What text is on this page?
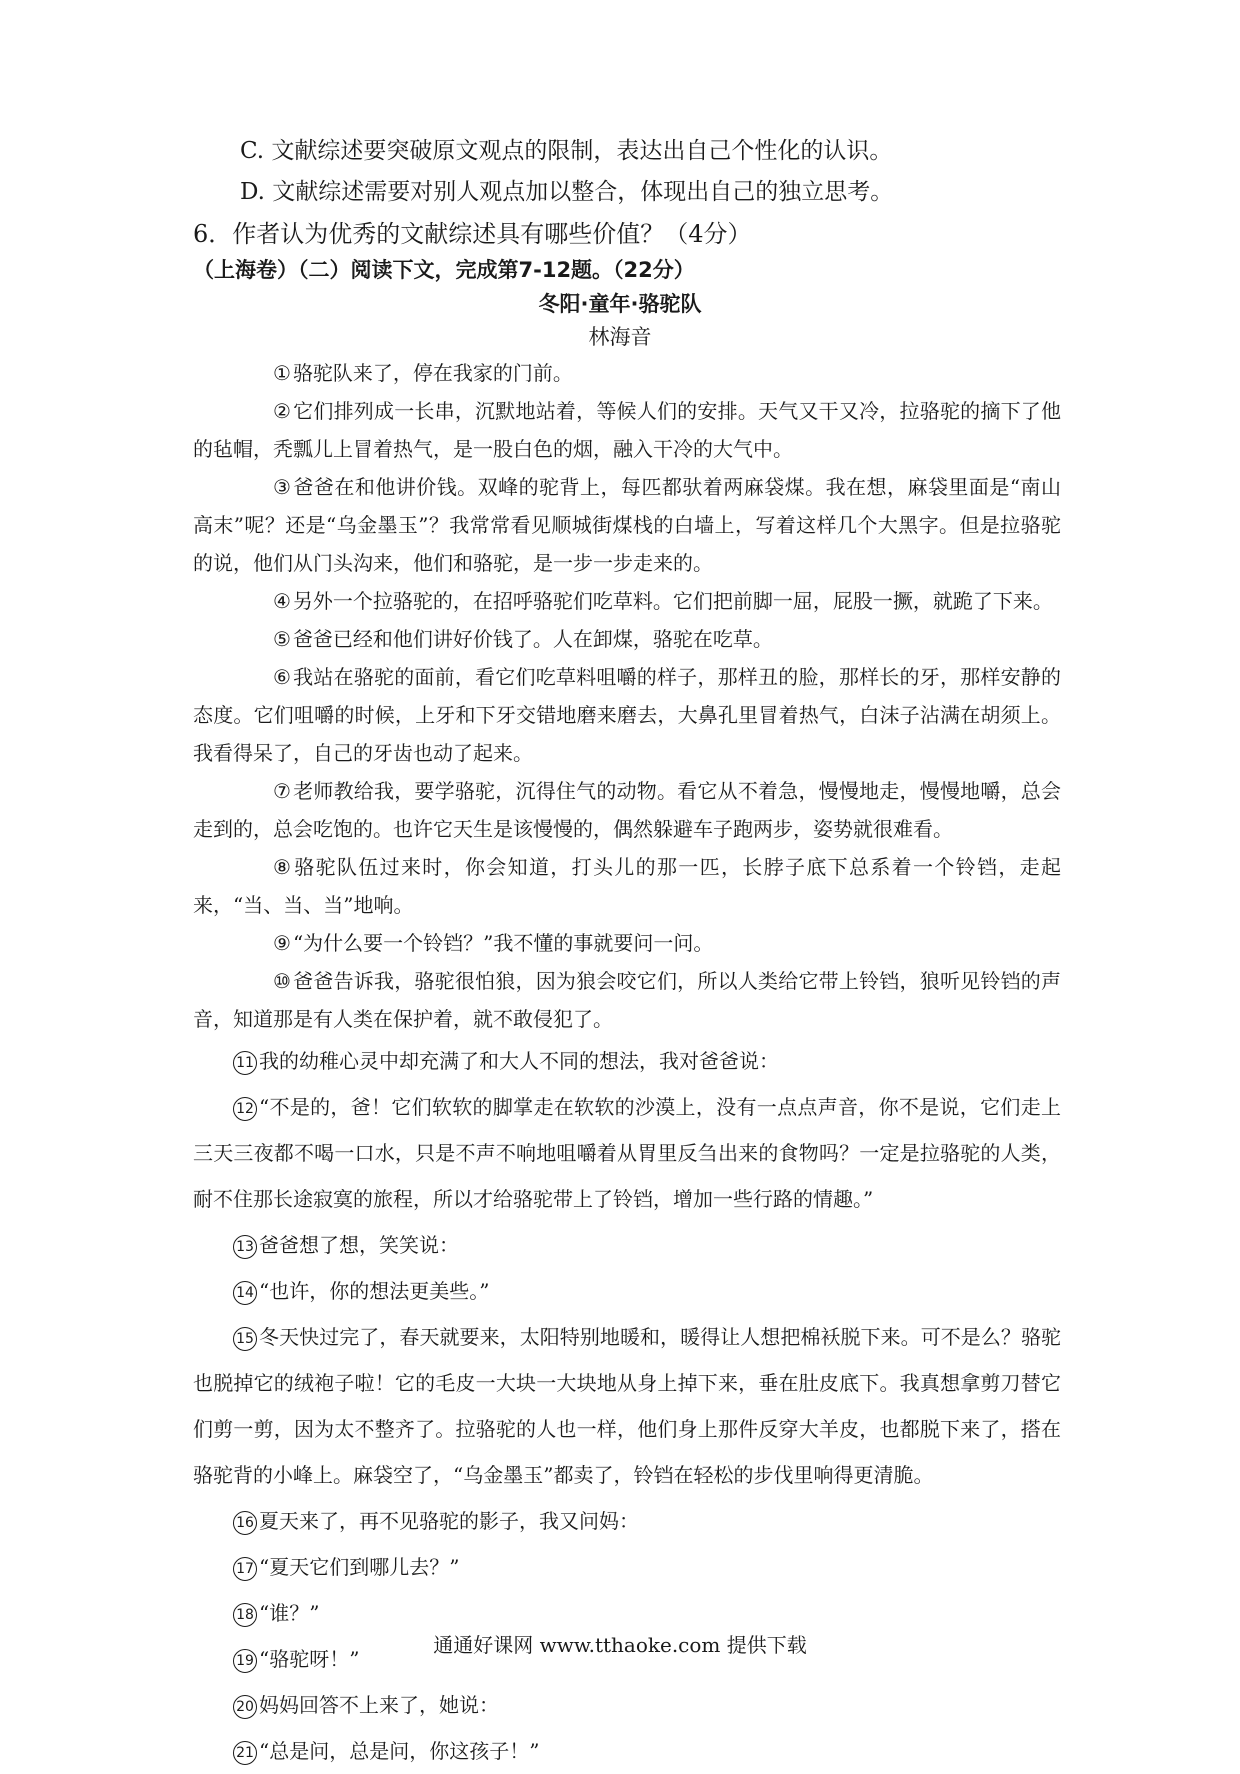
C. 文献综述要突破原文观点的限制，表达出自己个性化的认识。
D. 文献综述需要对别人观点加以整合，体现出自己的独立思考。
6．作者认为优秀的文献综述具有哪些价值？（4分）
（上海卷）（二）阅读下文，完成第7-12题。（22分）
冬阳·童年·骆驼队
林海音

① 骆驼队来了，停在我家的门前。

② 它们排列成一长串，沉默地站着，等候人们的安排。天气又干又冷，拉骆驼的摘下了他的毡帽，秃瓢儿上冒着热气，是一股白色的烟，融入干冷的大气中。

③ 爸爸在和他讲价钱。双峰的驼背上，每匹都驮着两麻袋煤。我在想，麻袋里面是“南山高末”呢？还是“乌金墨玉”？我常常看见顺城街煤栈的白墙上，写着这样几个大黑字。但是拉骆驼的说，他们从门头沟来，他们和骆驼，是一步一步走来的。

④ 另外一个拉骆驼的，在招呼骆驼们吃草料。它们把前脚一屈，屁股一撅，就跪了下来。

⑤ 爸爸已经和他们讲好价钱了。人在卸煤，骆驼在吃草。

⑥ 我站在骆驼的面前，看它们吃草料咀嚼的样子，那样丑的脸，那样长的牙，那样安静的态度。它们咀嚼的时候，上牙和下牙交错地磨来磨去，大鼻孔里冒着热气，白沫子沾满在胡须上。我看得呆了，自己的牙齿也动了起来。

⑦ 老师教给我，要学骆驼，沉得住气的动物。看它从不着急，慢慢地走，慢慢地嚼，总会走到的，总会吃饱的。也许它天生是该慢慢的，偶然躲避车子跑两步，姿势就很难看。

⑧ 骆驼队伍过来时，你会知道，打头儿的那一匹，长脖子底下总系着一个铃铛，走起来，“当、当、当”地响。

⑨ “为什么要一个铃铛？”我不懂的事就要问一问。

⑩ 爸爸告诉我，骆驼很怕狼，因为狼会咬它们，所以人类给它带上铃铛，狼听见铃铛的声音，知道那是有人类在保护着，就不敢侵犯了。

11 我的幼稚心灵中却充满了和大人不同的想法，我对爸爸说：

12 “不是的，爸！它们软软的脚掌走在软软的沙漠上，没有一点点声音，你不是说，它们走上三天三夜都不喝一口水，只是不声不响地咀嚼着从胃里反刍出来的食物吗？一定是拉骆驼的人类，耐不住那长途寂寞的旅程，所以才给骆驼带上了铃铛，增加一些行路的情趣。”

13 爸爸想了想，笑笑说：

14 “也许，你的想法更美些。”

15 冬天快过完了，春天就要来，太阳特别地暖和，暖得让人想把棉袄脱下来。可不是么？骆驼也脱掉它的绒袍子啦！它的毛皮一大块一大块地从身上掉下来，垂在肚皮底下。我真想拿剪刀替它们剪一剪，因为太不整齐了。拉骆驼的人也一样，他们身上那件反穿大羊皮，也都脱下来了，搭在骆驼背的小峰上。麻袋空了，“乌金墨玉”都卖了，铃铛在轻松的步伐里响得更清脆。

16 夏天来了，再不见骆驼的影子，我又问妈：

17 “夏天它们到哪儿去？”

18 “谁？”

19 “骆驼呀！”

20 妈妈回答不上来了，她说：

21 “总是问，总是问，你这孩子！”

通通好课网 www.tthaoke.com 提供下载
